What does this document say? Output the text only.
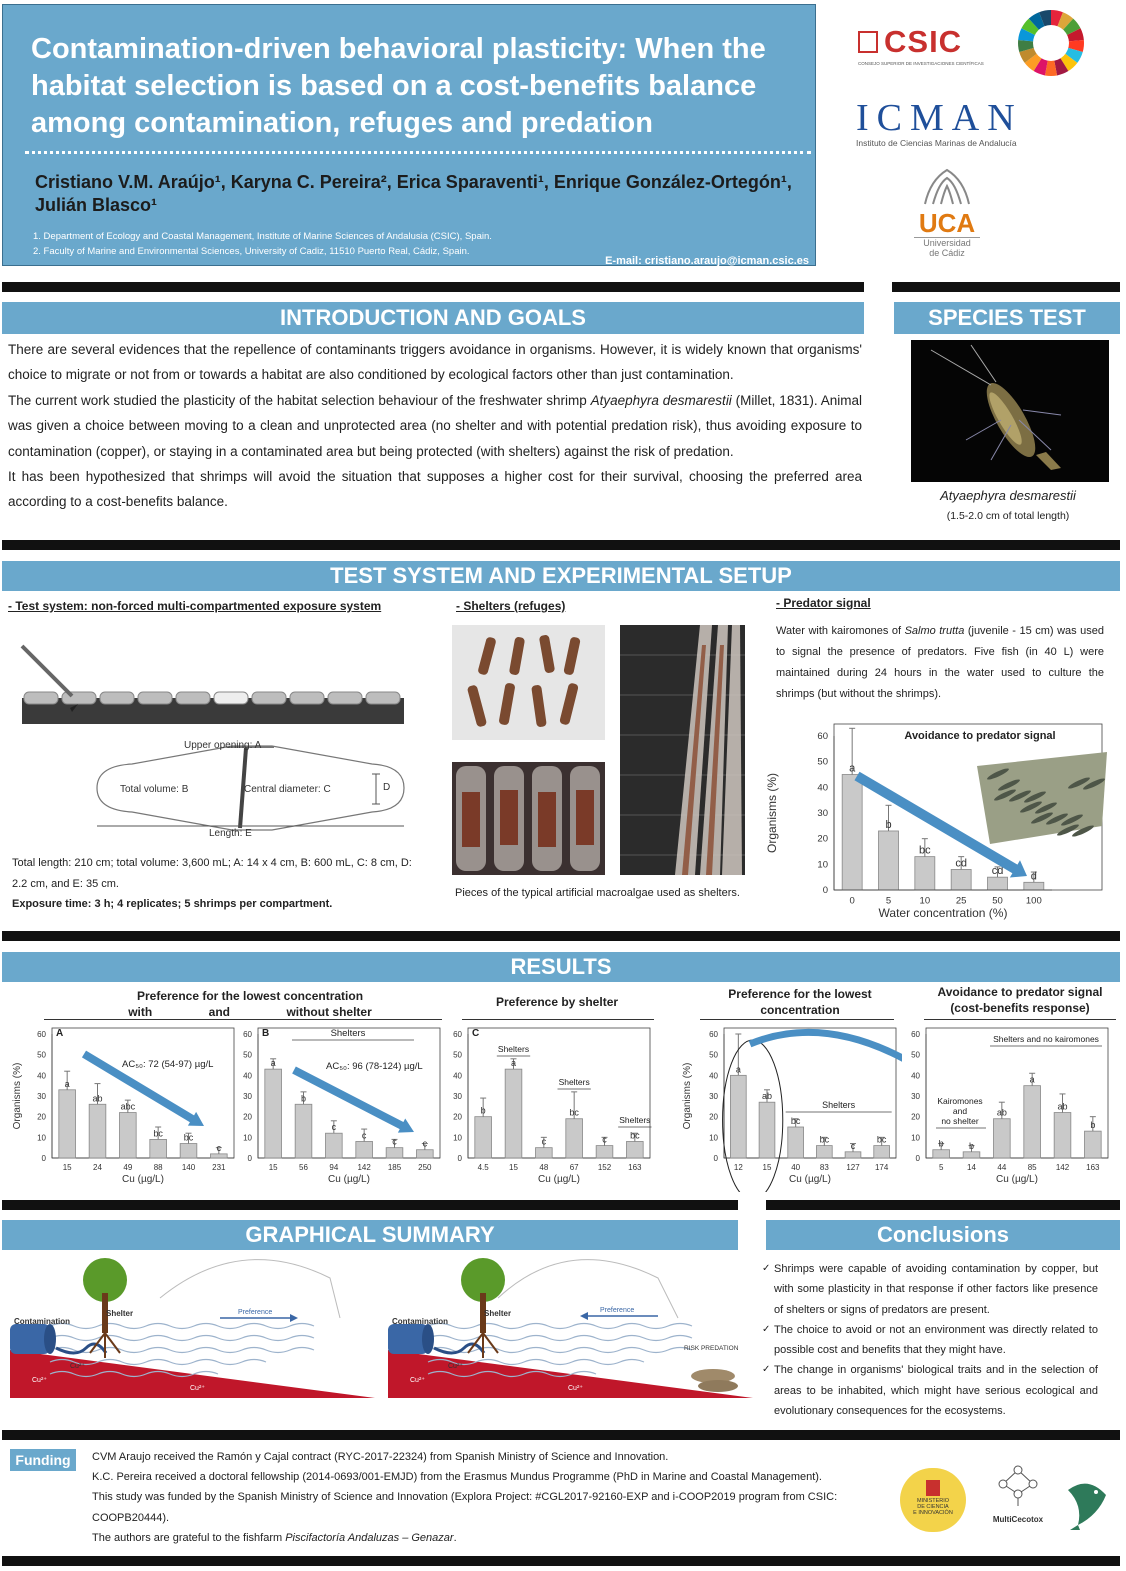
Contamination-driven behavioral plasticity: When the habitat selection is based on a cost-benefits balance among contamination, refuges and predation
Cristiano V.M. Araújo¹, Karyna C. Pereira², Erica Sparaventi¹, Enrique González-Ortegón¹, Julián Blasco¹
1. Department of Ecology and Coastal Management, Institute of Marine Sciences of Andalusia (CSIC), Spain.
2. Faculty of Marine and Environmental Sciences, University of Cadiz, 11510 Puerto Real, Cádiz, Spain.
E-mail: cristiano.araujo@icman.csic.es
CSIC
CONSEJO SUPERIOR DE INVESTIGACIONES CIENTÍFICAS
ICMAN
Instituto de Ciencias Marinas de Andalucía
UCA
Universidad
de Cádiz
INTRODUCTION AND GOALS	SPECIES TEST

There are several evidences that the repellence of contaminants triggers avoidance in organisms. However, it is widely known that organisms' choice to migrate or not from or towards a habitat are also conditioned by ecological factors other than just contamination.

The current work studied the plasticity of the habitat selection behaviour of the freshwater shrimp Atyaephyra desmarestii (Millet, 1831). Animal was given a choice between moving to a clean and unprotected area (no shelter and with potential predation risk), thus avoiding exposure to contamination (copper), or staying in a contaminated area but being protected (with shelters) against the risk of predation.

It has been hypothesized that shrimps will avoid the situation that supposes a higher cost for their survival, choosing the preferred area according to a cost-benefits balance.	Atyaephyra desmarestii
(1.5-2.0 cm of total length)
TEST SYSTEM AND EXPERIMENTAL SETUP
- Test system: non-forced multi-compartmented exposure system	- Shelters (refuges)	- Predator signal
Upper opening: A
Total volume: B	Central diameter: C	D
Length: E
Total length: 210 cm; total volume: 3,600 mL; A: 14 x 4 cm, B: 600 mL, C: 8 cm, D: 2.2 cm, and E: 35 cm.
Exposure time: 3 h; 4 replicates; 5 shrimps per compartment.
Pieces of the typical artificial macroalgae used as shelters.
Water with kairomones of Salmo trutta (juvenile - 15 cm) was used to signal the presence of predators. Five fish (in 40 L) were maintained during 24 hours in the water used to culture the shrimps (but without the shrimps).
0
10
20
30
40
50
60
a
0
b
5
bc
10
cd
25
cd
50
d
100
Water concentration (%)
Organisms (%)
Avoidance to predator signal
RESULTS
Preference for the lowest concentration
with	and	without shelter
Preference by shelter
Preference for the lowest concentration
Avoidance to predator signal (cost-benefits response)
0
10
20
30
40
50
60
a
15
ab
24
abc
49
bc
88
bc
140
c
231
Cu (µg/L)
Organisms (%)
A
AC₅₀: 72 (54-97) µg/L
0
10
20
30
40
50
60
a
15
b
56
c
94
c
142
c
185
c
250
Cu (µg/L)
B	Shelters
AC₅₀: 96 (78-124) µg/L
0
10
20
30
40
50
60
b
4.5
a
15
c
48
bc
67
c
152
bc
163
Cu (µg/L)
C
Shelters
Shelters
Shelters
0
10
20
30
40
50
60
a
12
ab
15
bc
40
bc
83
c
127
bc
174
Cu (µg/L)
Organisms (%)	Shelters
0
10
20
30
40
50
60
b
5
b
14
ab
44
a
85
ab
142
b
163
Cu (µg/L)
Kairomones
and
no shelter
Shelters and no kairomones
GRAPHICAL SUMMARY	Conclusions
Contamination
Shelter	Preference
Cu²⁺
Cu²⁺
Cu²⁺
Contamination
Shelter	Preference
RISK PREDATION
Cu²⁺
Cu²⁺
Cu²⁺
✓ Shrimps were capable of avoiding contamination by copper, but with some plasticity in that response if other factors like presence of shelters or signs of predators are present.
✓ The choice to avoid or not an environment was directly related to possible cost and benefits that they might have.
✓ The change in organisms' biological traits and in the selection of areas to be inhabited, which might have serious ecological and evolutionary consequences for the ecosystems.
Funding	CVM Araujo received the Ramón y Cajal contract (RYC-2017-22324) from Spanish Ministry of Science and Innovation.
K.C. Pereira received a doctoral fellowship (2014-0693/001-EMJD) from the Erasmus Mundus Programme (PhD in Marine and Coastal Management).
This study was funded by the Spanish Ministry of Science and Innovation (Explora Project: #CGL2017-92160-EXP and i-COOP2019 program from CSIC: COOPB20444).
The authors are grateful to the fishfarm Piscifactoría Andaluzas – Genazar.
MINISTERIO
DE CIENCIA
E INNOVACIÓN
MultiCecotox
